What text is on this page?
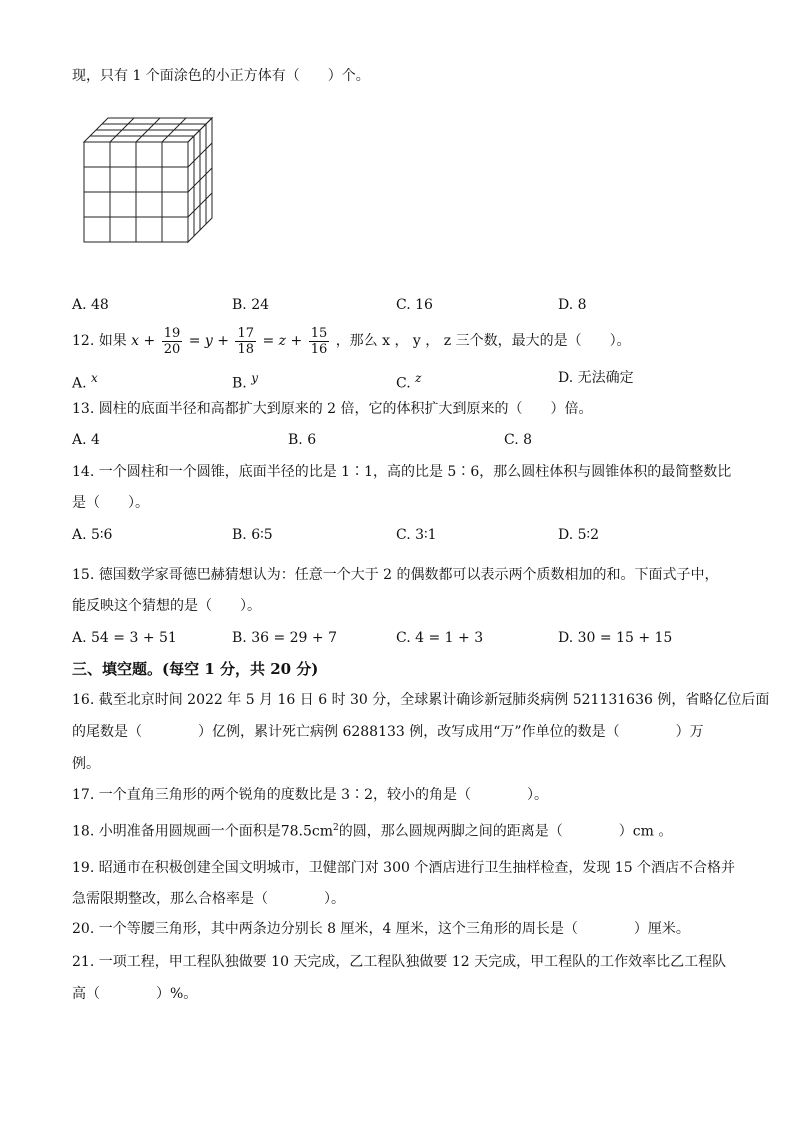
现，只有 1 个面涂色的小正方体有（　　）个。
A. 48	B. 24	C. 16	D. 8
12. 如果 $x + \frac{19}{20} = y + \frac{17}{18} = z + \frac{15}{16}$ ，那么 x ， y ， z 三个数，最大的是（　　）。
A. x	B. y	C. z	D. 无法确定
13. 圆柱的底面半径和高都扩大到原来的 2 倍，它的体积扩大到原来的（　　）倍。
A. 4	B. 6	C. 8
14. 一个圆柱和一个圆锥，底面半径的比是 1∶1，高的比是 5∶6，那么圆柱体积与圆锥体积的最简整数比
是（　　）。
A. 5∶6	B. 6∶5	C. 3∶1	D. 5∶2
15. 德国数学家哥德巴赫猜想认为：任意一个大于 2 的偶数都可以表示两个质数相加的和。下面式子中，
能反映这个猜想的是（　　）。
A. 54 = 3 + 51	B. 36 = 29 + 7	C. 4 = 1 + 3	D. 30 = 15 + 15
三、填空题。(每空 1 分，共 20 分)
16. 截至北京时间 2022 年 5 月 16 日 6 时 30 分，全球累计确诊新冠肺炎病例 521131636 例，省略亿位后面
的尾数是（　　　　）亿例，累计死亡病例 6288133 例，改写成用“万”作单位的数是（　　　　）万
例。
17. 一个直角三角形的两个锐角的度数比是 3∶2，较小的角是（　　　　）。
18. 小明准备用圆规画一个面积是$78.5cm^2$的圆，那么圆规两脚之间的距离是（　　　　）cm 。
19. 昭通市在积极创建全国文明城市，卫健部门对 300 个酒店进行卫生抽样检查，发现 15 个酒店不合格并
急需限期整改，那么合格率是（　　　　）。
20. 一个等腰三角形，其中两条边分别长 8 厘米，4 厘米，这个三角形的周长是（　　　　）厘米。
21. 一项工程，甲工程队独做要 10 天完成，乙工程队独做要 12 天完成，甲工程队的工作效率比乙工程队
高（　　　　）%。
